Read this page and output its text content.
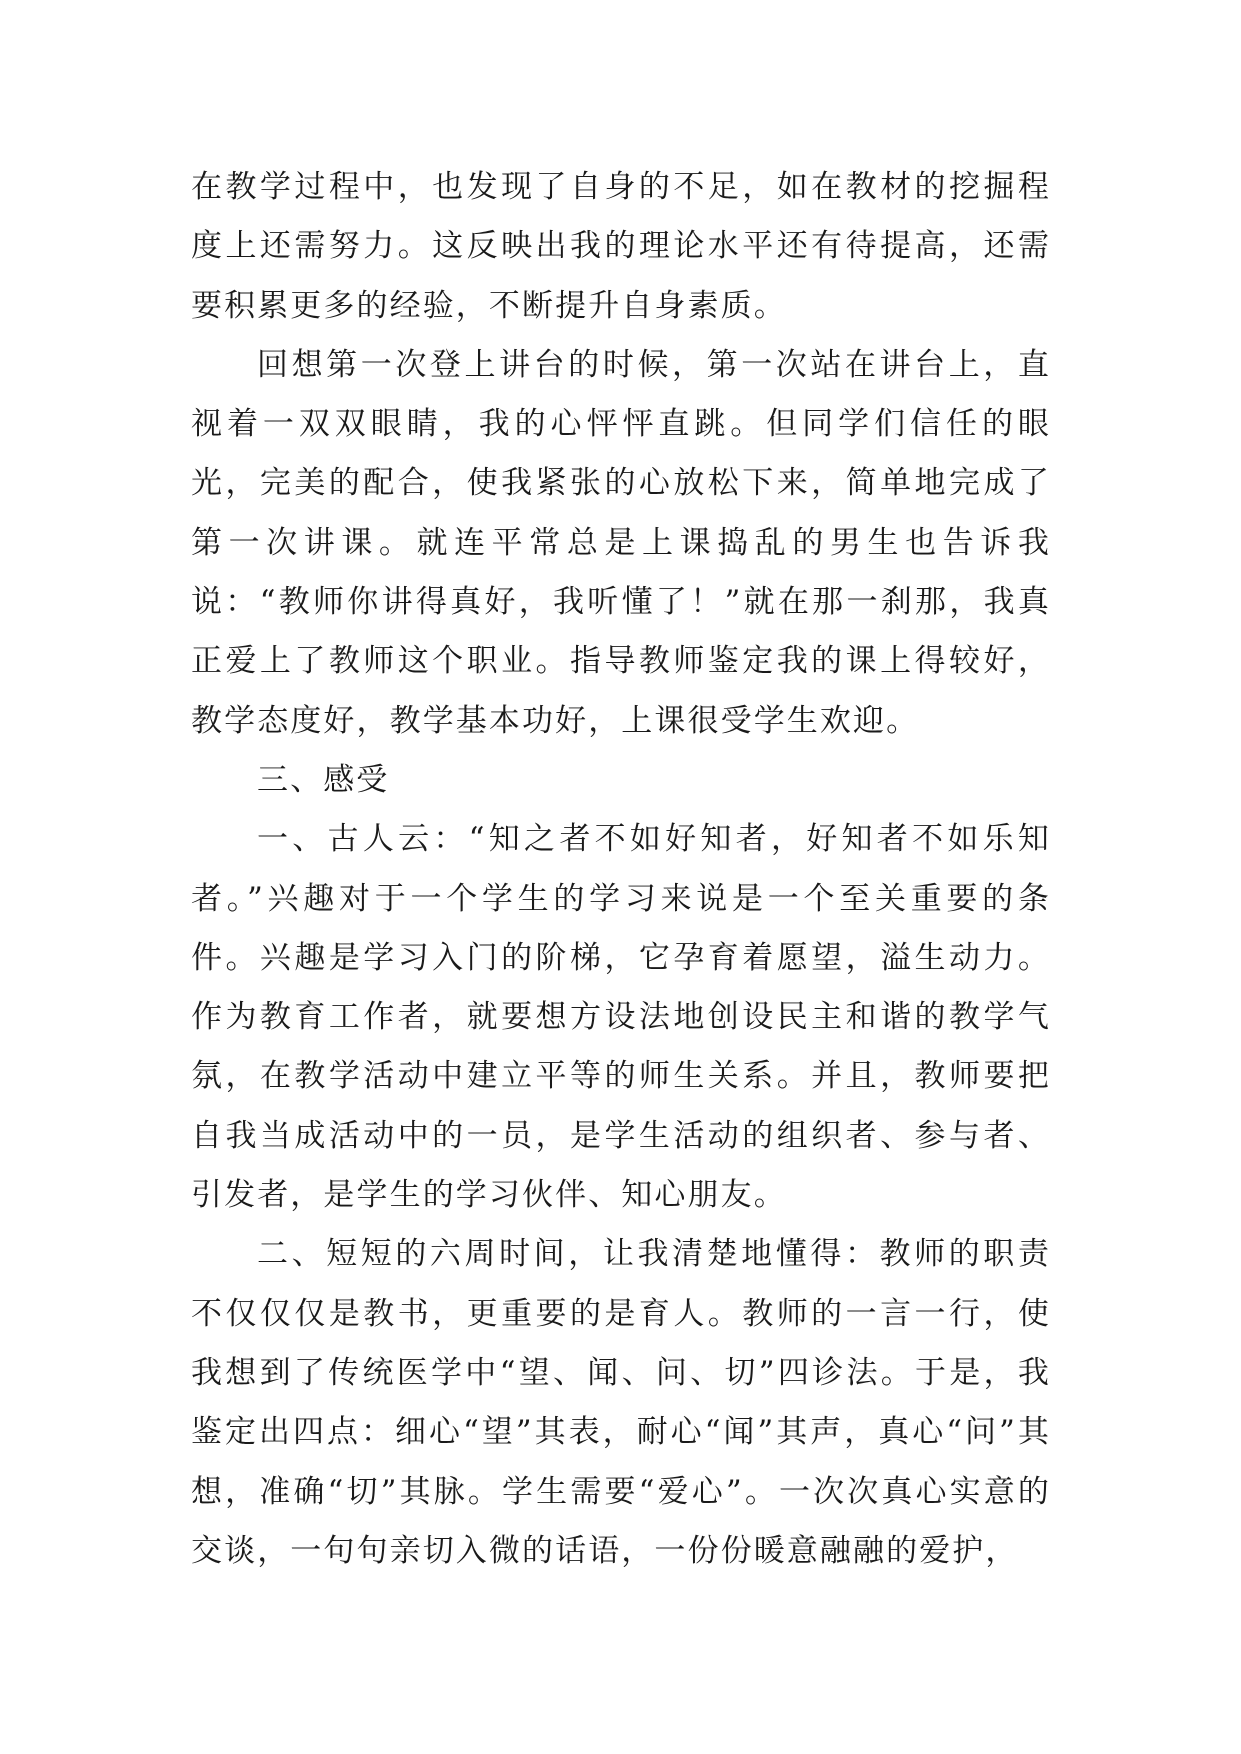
在教学过程中，也发现了自身的不足，如在教材的挖掘程度上还需努力。这反映出我的理论水平还有待提高，还需要积累更多的经验，不断提升自身素质。

回想第一次登上讲台的时候，第一次站在讲台上，直视着一双双眼睛，我的心怦怦直跳。但同学们信任的眼光，完美的配合，使我紧张的心放松下来，简单地完成了第一次讲课。就连平常总是上课捣乱的男生也告诉我说：“教师你讲得真好，我听懂了！”就在那一刹那，我真正爱上了教师这个职业。指导教师鉴定我的课上得较好，教学态度好，教学基本功好，上课很受学生欢迎。

三、感受

一、古人云：“知之者不如好知者，好知者不如乐知者。”兴趣对于一个学生的学习来说是一个至关重要的条件。兴趣是学习入门的阶梯，它孕育着愿望，溢生动力。作为教育工作者，就要想方设法地创设民主和谐的教学气氛，在教学活动中建立平等的师生关系。并且，教师要把自我当成活动中的一员，是学生活动的组织者、参与者、引发者，是学生的学习伙伴、知心朋友。

二、短短的六周时间，让我清楚地懂得：教师的职责不仅仅仅是教书，更重要的是育人。教师的一言一行，使我想到了传统医学中“望、闻、问、切”四诊法。于是，我鉴定出四点：细心“望”其表，耐心“闻”其声，真心“问”其想，准确“切”其脉。学生需要“爱心”。一次次真心实意的交谈，一句句亲切入微的话语，一份份暖意融融的爱护，
